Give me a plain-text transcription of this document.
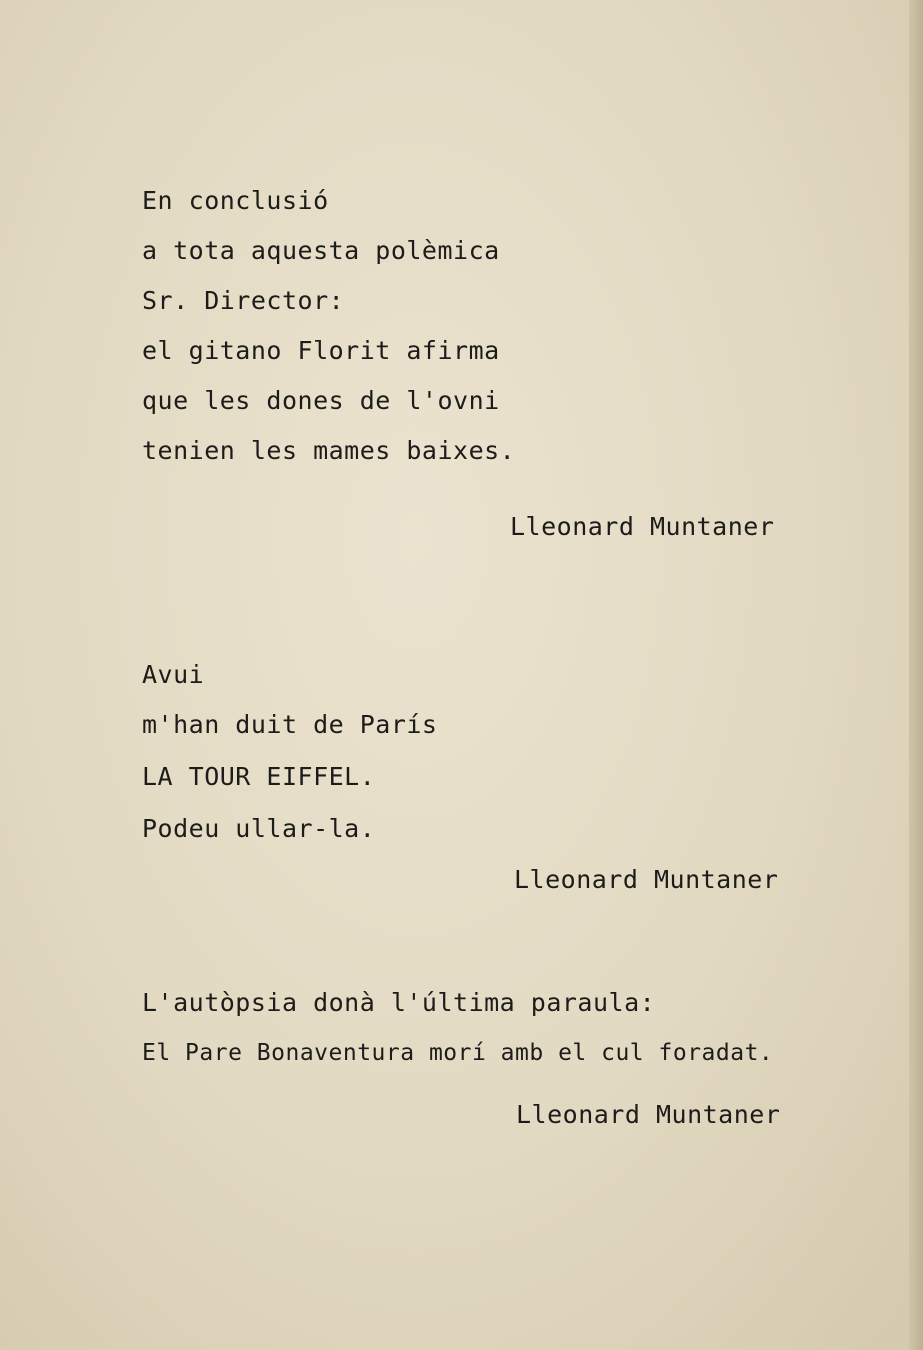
En conclusió

a tota aquesta polèmica

Sr. Director:

el gitano Florit afirma

que les dones de l'ovni

tenien les mames baixes.

Lleonard Muntaner

Avui

m'han duit de París

LA TOUR EIFFEL.

Podeu ullar-la.

Lleonard Muntaner

L'autòpsia donà l'última paraula:

El Pare Bonaventura morí amb el cul foradat.

Lleonard Muntaner
